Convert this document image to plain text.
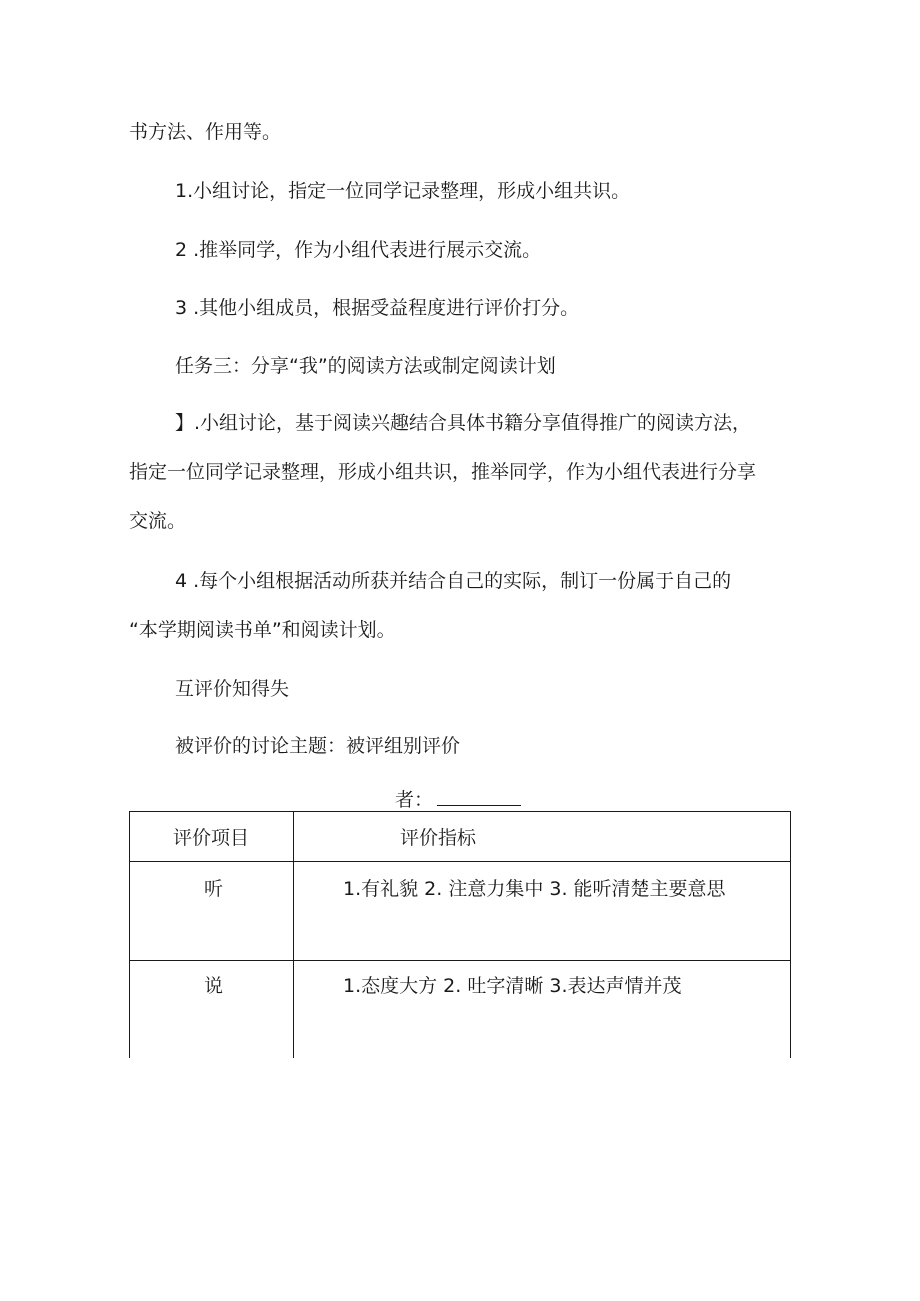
书方法、作用等。
1.小组讨论，指定一位同学记录整理，形成小组共识。
2 .推举同学，作为小组代表进行展示交流。
3 .其他小组成员，根据受益程度进行评价打分。
任务三：分享“我”的阅读方法或制定阅读计划
】.小组讨论，基于阅读兴趣结合具体书籍分享值得推广的阅读方法，
指定一位同学记录整理，形成小组共识，推举同学，作为小组代表进行分享
交流。
4 .每个小组根据活动所获并结合自己的实际，制订一份属于自己的
“本学期阅读书单”和阅读计划。
互评价知得失
被评价的讨论主题：被评组别评价
者：
评价项目	评价指标
听	1.有礼貌 2. 注意力集中 3. 能听清楚主要意思
说	1.态度大方 2. 吐字清晰 3.表达声情并茂
